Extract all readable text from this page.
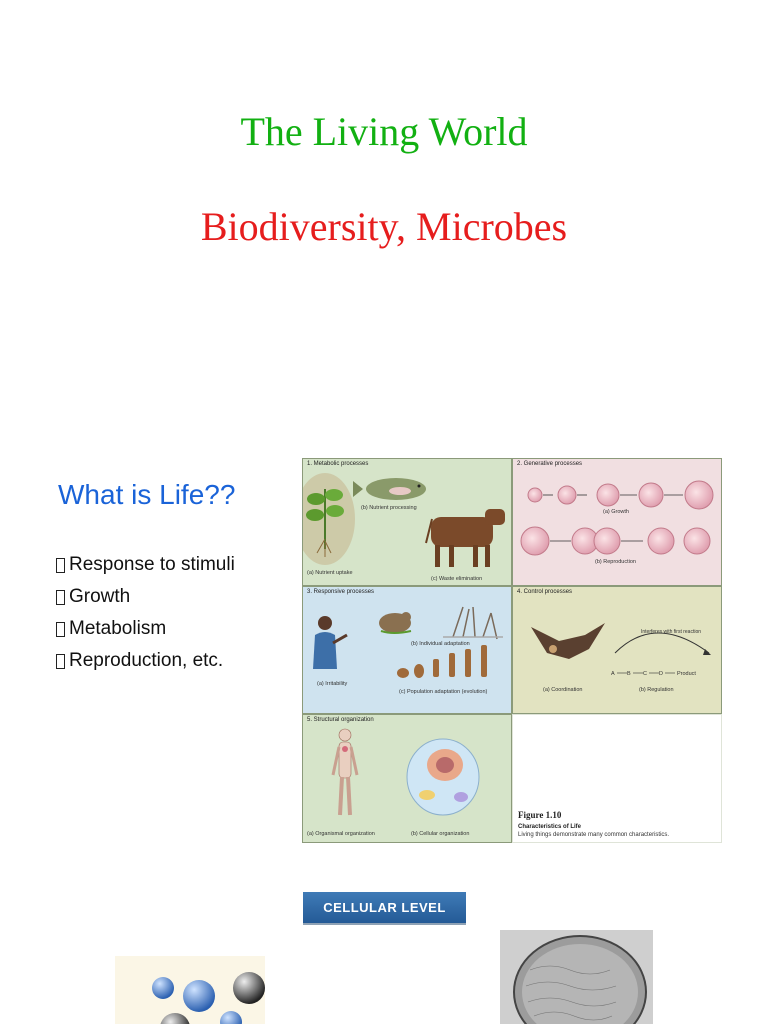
The Living World
Biodiversity, Microbes
What is Life??
Response to stimuli
Growth
Metabolism
Reproduction, etc.
1. Metabolic processes
(a) Nutrient uptake
(b) Nutrient processing
(c) Waste elimination
2. Generative processes
(a) Growth
(b) Reproduction
3. Responsive processes
(a) Irritability
(b) Individual adaptation
(c) Population adaptation (evolution)
4. Control processes
Interferes with first reaction
A B C D	Product
(a) Coordination	(b) Regulation
5. Structural organization
(a) Organismal organization	(b) Cellular organization
Figure 1.10
Characteristics of Life
Living things demonstrate many common characteristics.
CELLULAR LEVEL
